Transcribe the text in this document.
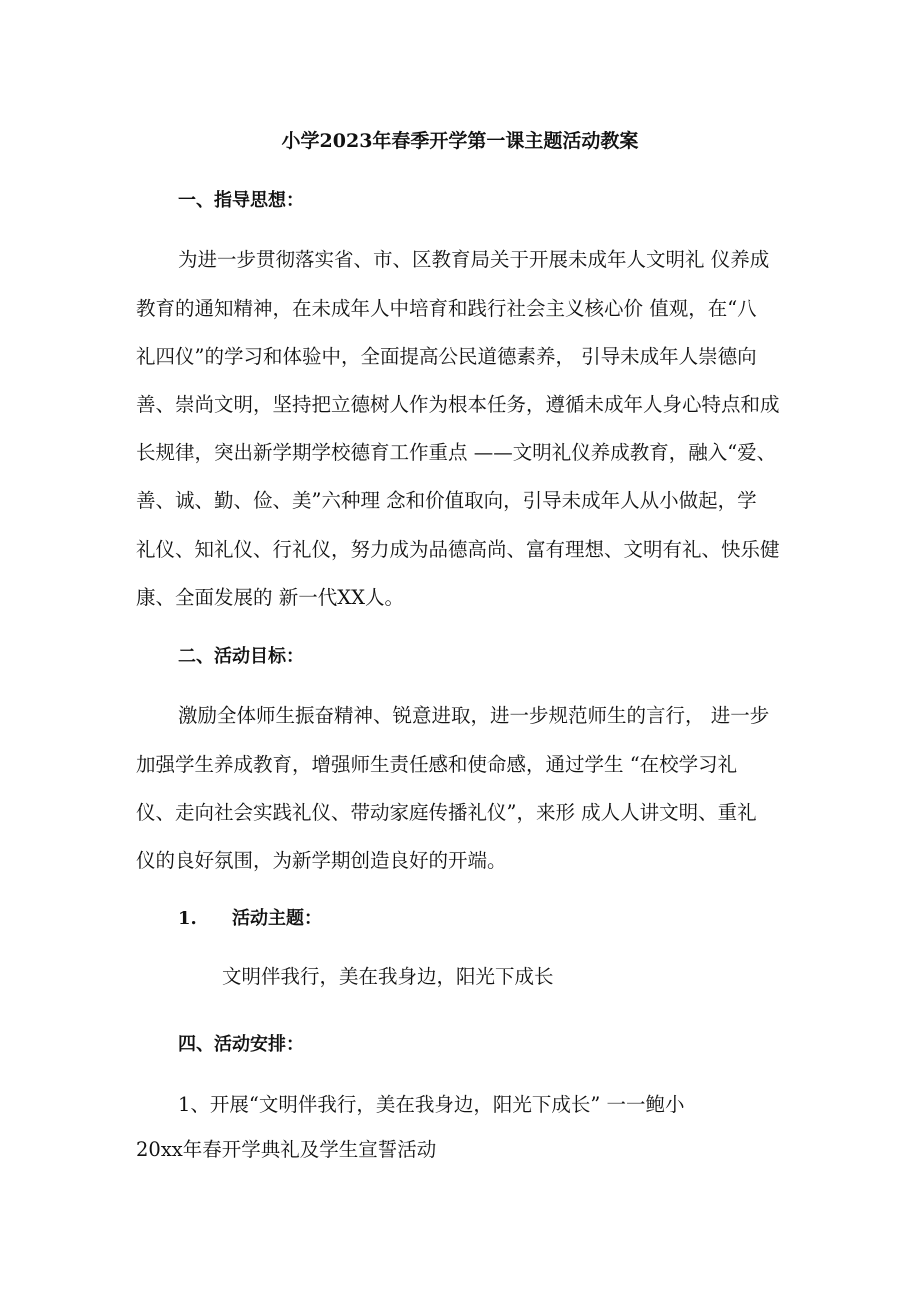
小学2023年春季开学第一课主题活动教案
一、指导思想：
为进一步贯彻落实省、市、区教育局关于开展未成年人文明礼 仪养成
教育的通知精神，在未成年人中培育和践行社会主义核心价 值观，在“八
礼四仪”的学习和体验中，全面提高公民道德素养， 引导未成年人崇德向
善、崇尚文明，坚持把立德树人作为根本任务，遵循未成年人身心特点和成
长规律，突出新学期学校德育工作重点 ——文明礼仪养成教育，融入“爱、
善、诚、勤、俭、美”六种理 念和价值取向，引导未成年人从小做起，学
礼仪、知礼仪、行礼仪，努力成为品德高尚、富有理想、文明有礼、快乐健
康、全面发展的 新一代XX人。
二、活动目标：
激励全体师生振奋精神、锐意进取，进一步规范师生的言行， 进一步
加强学生养成教育，增强师生责任感和使命感，通过学生 “在校学习礼
仪、走向社会实践礼仪、带动家庭传播礼仪”，来形 成人人讲文明、重礼
仪的良好氛围，为新学期创造良好的开端。
1. 活动主题：
文明伴我行，美在我身边，阳光下成长
四、活动安排：
1、开展“文明伴我行，美在我身边，阳光下成长” 一一鲍小
20xx年春开学典礼及学生宣誓活动
